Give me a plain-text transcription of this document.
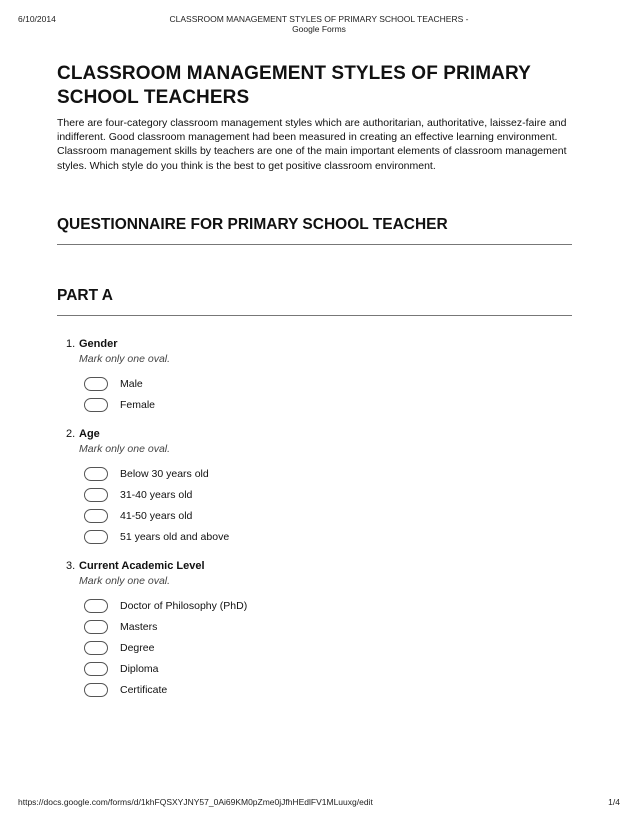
6/10/2014	CLASSROOM MANAGEMENT STYLES OF PRIMARY SCHOOL TEACHERS - Google Forms
CLASSROOM MANAGEMENT STYLES OF PRIMARY SCHOOL TEACHERS

There are four-category classroom management styles which are authoritarian, authoritative, laissez-faire and indifferent. Good classroom management had been measured in creating an effective learning environment. Classroom management skills by teachers are one of the main important elements of classroom management styles. Which style do you think is the best to get positive classroom environment.

QUESTIONNAIRE FOR PRIMARY SCHOOL TEACHER
PART A
1. Gender
Mark only one oval.
Male
Female
2. Age
Mark only one oval.
Below 30 years old
31-40 years old
41-50 years old
51 years old and above
3. Current Academic Level
Mark only one oval.
Doctor of Philosophy (PhD)
Masters
Degree
Diploma
Certificate
https://docs.google.com/forms/d/1khFQSXYJNY57_0Ai69KM0pZme0jJfhHEdlFV1MLuuxg/edit	1/4
